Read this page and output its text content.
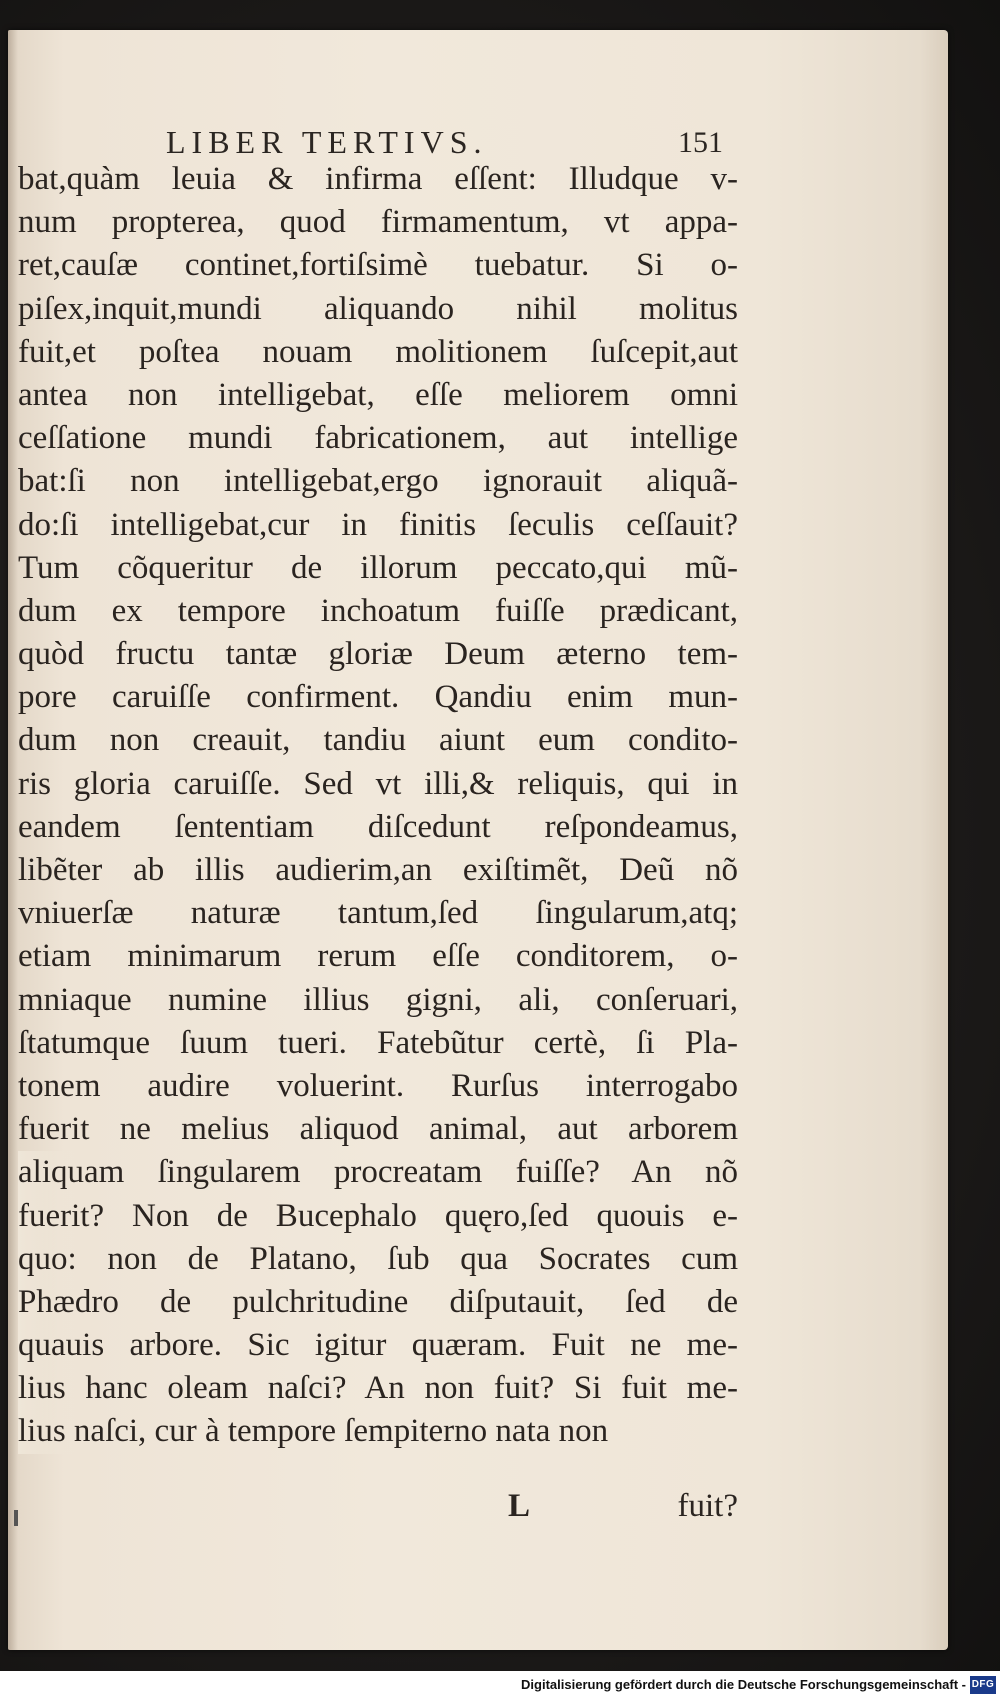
LIBER TERTIVS.	151
bat,quàm leuia & infirma eſſent: Illudque v-
num propterea, quod firmamentum, vt appa-
ret,cauſæ continet,fortiſsimè tuebatur. Si o-
piſex,inquit,mundi aliquando nihil molitus
fuit,et poſtea nouam molitionem ſuſcepit,aut
antea non intelligebat, eſſe meliorem omni
ceſſatione mundi fabricationem, aut intellige
bat:ſi non intelligebat,ergo ignorauit aliquã-
do:ſi intelligebat,cur in finitis ſeculis ceſſauit?
Tum cõqueritur de illorum peccato,qui mũ-
dum ex tempore inchoatum fuiſſe prædicant,
quòd fructu tantæ gloriæ Deum æterno tem-
pore caruiſſe confirment. Qandiu enim mun-
dum non creauit, tandiu aiunt eum condito-
ris gloria caruiſſe. Sed vt illi,& reliquis, qui in
eandem ſententiam diſcedunt reſpondeamus,
libẽter ab illis audierim,an exiſtimẽt, Deũ nõ
vniuerſæ naturæ tantum,ſed ſingularum,atq;
etiam minimarum rerum eſſe conditorem, o-
mniaque numine illius gigni, ali, conſeruari,
ſtatumque ſuum tueri. Fatebũtur certè, ſi Pla-
tonem audire voluerint. Rurſus interrogabo
fuerit ne melius aliquod animal, aut arborem
aliquam ſingularem procreatam fuiſſe? An nõ
fuerit? Non de Bucephalo quęro,ſed quouis e-
quo: non de Platano, ſub qua Socrates cum
Phædro de pulchritudine diſputauit, ſed de
quauis arbore. Sic igitur quæram. Fuit ne me-
lius hanc oleam naſci? An non fuit? Si fuit me-
lius naſci, cur à tempore ſempiterno nata non
L	fuit?
Digitalisierung gefördert durch die Deutsche Forschungsgemeinschaft - DFG
